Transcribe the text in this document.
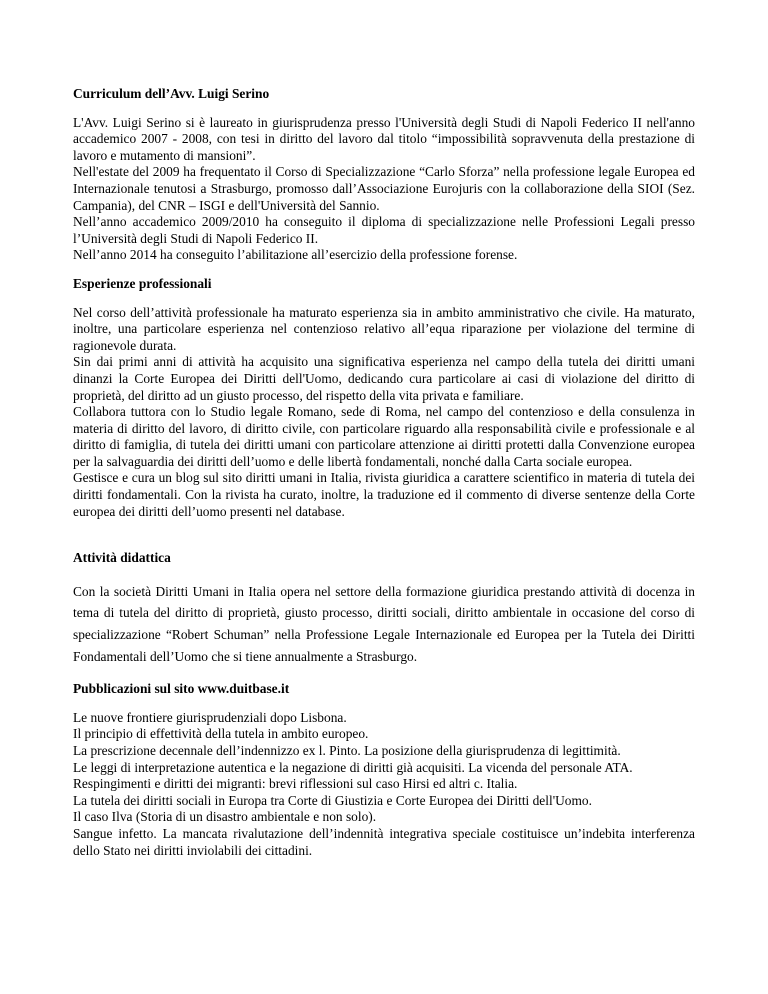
Curriculum dell’Avv. Luigi Serino

L'Avv. Luigi Serino si è laureato in giurisprudenza presso l'Università degli Studi di Napoli Federico II nell'anno accademico 2007 - 2008, con tesi in diritto del lavoro dal titolo “impossibilità sopravvenuta della prestazione di lavoro e mutamento di mansioni”.
Nell'estate del 2009 ha frequentato il Corso di Specializzazione “Carlo Sforza” nella professione legale Europea ed Internazionale tenutosi a Strasburgo, promosso dall’Associazione Eurojuris con la collaborazione della SIOI (Sez. Campania), del CNR – ISGI e dell'Università del Sannio.
Nell’anno accademico 2009/2010 ha conseguito il diploma di specializzazione nelle Professioni Legali presso l’Università degli Studi di Napoli Federico II.
Nell’anno 2014 ha conseguito l’abilitazione all’esercizio della professione forense.

Esperienze professionali

Nel corso dell’attività professionale ha maturato esperienza sia in ambito amministrativo che civile. Ha maturato, inoltre, una particolare esperienza nel contenzioso relativo all’equa riparazione per violazione del termine di ragionevole durata.
Sin dai primi anni di attività ha acquisito una significativa esperienza nel campo della tutela dei diritti umani dinanzi la Corte Europea dei Diritti dell'Uomo, dedicando cura particolare ai casi di violazione del diritto di proprietà, del diritto ad un giusto processo, del rispetto della vita privata e familiare.
Collabora tuttora con lo Studio legale Romano, sede di Roma, nel campo del contenzioso e della consulenza in materia di diritto del lavoro, di diritto civile, con particolare riguardo alla responsabilità civile e professionale e al diritto di famiglia, di tutela dei diritti umani con particolare attenzione ai diritti protetti dalla Convenzione europea per la salvaguardia dei diritti dell’uomo e delle libertà fondamentali, nonché dalla Carta sociale europea.
Gestisce e cura un blog sul sito diritti umani in Italia, rivista giuridica a carattere scientifico in materia di tutela dei diritti fondamentali. Con la rivista ha curato, inoltre, la traduzione ed il commento di diverse sentenze della Corte europea dei diritti dell’uomo presenti nel database.

Attività didattica

Con la società Diritti Umani in Italia opera nel settore della formazione giuridica prestando attività di docenza in tema di tutela del diritto di proprietà, giusto processo, diritti sociali, diritto ambientale in occasione del corso di specializzazione “Robert Schuman” nella Professione Legale Internazionale ed Europea per la Tutela dei Diritti Fondamentali dell’Uomo che si tiene annualmente a Strasburgo.

Pubblicazioni sul sito www.duitbase.it

Le nuove frontiere giurisprudenziali dopo Lisbona.
Il principio di effettività della tutela in ambito europeo.
La prescrizione decennale dell’indennizzo ex l. Pinto. La posizione della giurisprudenza di legittimità.
Le leggi di interpretazione autentica e la negazione di diritti già acquisiti. La vicenda del personale ATA.
Respingimenti e diritti dei migranti: brevi riflessioni sul caso Hirsi ed altri c. Italia.
La tutela dei diritti sociali in Europa tra Corte di Giustizia e Corte Europea dei Diritti dell'Uomo.
Il caso Ilva (Storia di un disastro ambientale e non solo).
Sangue infetto. La mancata rivalutazione dell’indennità integrativa speciale costituisce un’indebita interferenza dello Stato nei diritti inviolabili dei cittadini.
